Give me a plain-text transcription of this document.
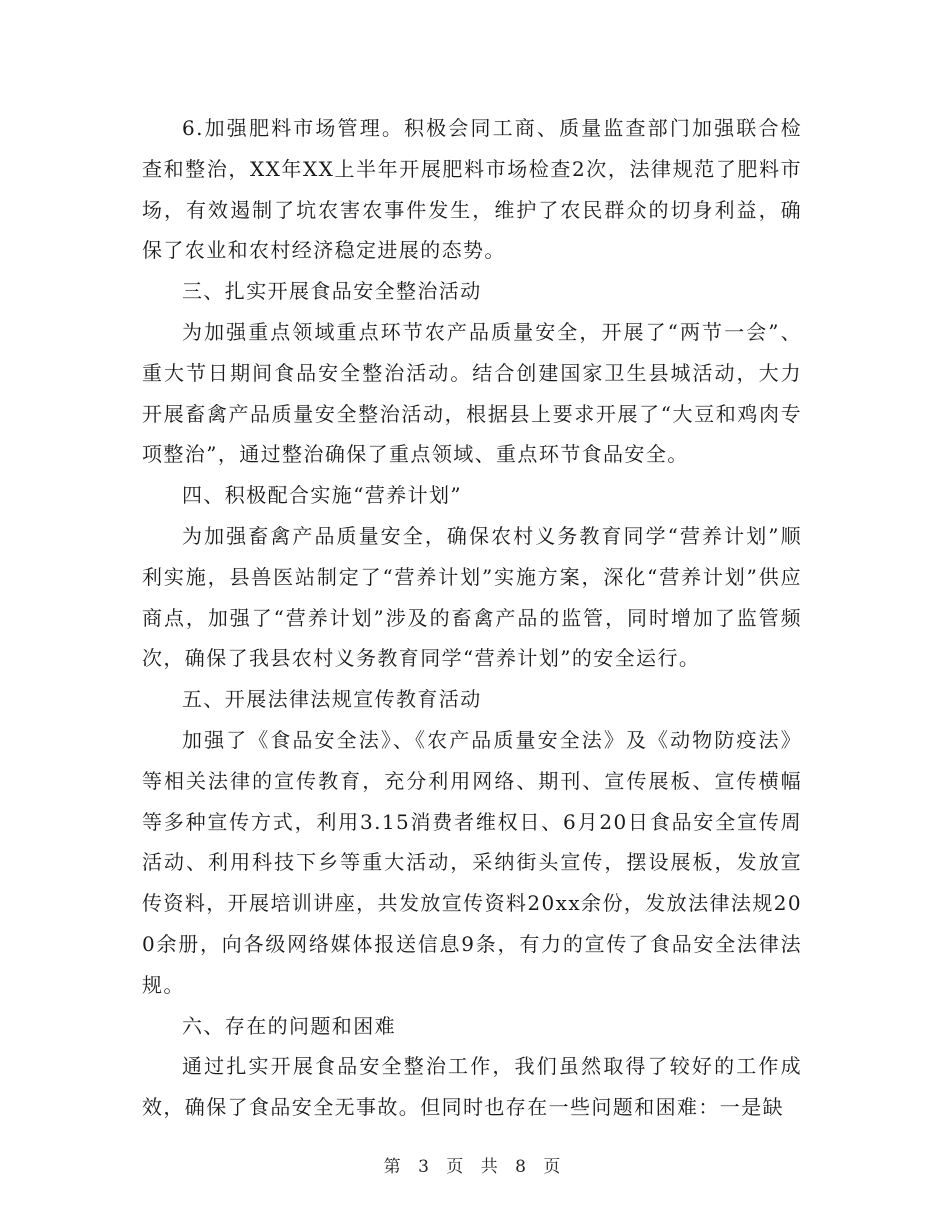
6.加强肥料市场管理。积极会同工商、质量监查部门加强联合检查和整治，XX年XX上半年开展肥料市场检查2次，法律规范了肥料市场，有效遏制了坑农害农事件发生，维护了农民群众的切身利益，确保了农业和农村经济稳定进展的态势。

三、扎实开展食品安全整治活动

为加强重点领域重点环节农产品质量安全，开展了“两节一会”、重大节日期间食品安全整治活动。结合创建国家卫生县城活动，大力开展畜禽产品质量安全整治活动，根据县上要求开展了“大豆和鸡肉专项整治”，通过整治确保了重点领域、重点环节食品安全。

四、积极配合实施“营养计划”

为加强畜禽产品质量安全，确保农村义务教育同学“营养计划”顺利实施，县兽医站制定了“营养计划”实施方案，深化“营养计划”供应商点，加强了“营养计划”涉及的畜禽产品的监管，同时增加了监管频次，确保了我县农村义务教育同学“营养计划”的安全运行。

五、开展法律法规宣传教育活动

加强了《食品安全法》、《农产品质量安全法》及《动物防疫法》等相关法律的宣传教育，充分利用网络、期刊、宣传展板、宣传横幅等多种宣传方式，利用3.15消费者维权日、6月20日食品安全宣传周活动、利用科技下乡等重大活动，采纳街头宣传，摆设展板，发放宣传资料，开展培训讲座，共发放宣传资料20xx余份，发放法律法规200余册，向各级网络媒体报送信息9条，有力的宣传了食品安全法律法规。

六、存在的问题和困难

通过扎实开展食品安全整治工作，我们虽然取得了较好的工作成效，确保了食品安全无事故。但同时也存在一些问题和困难：一是缺

第 3 页 共 8 页
